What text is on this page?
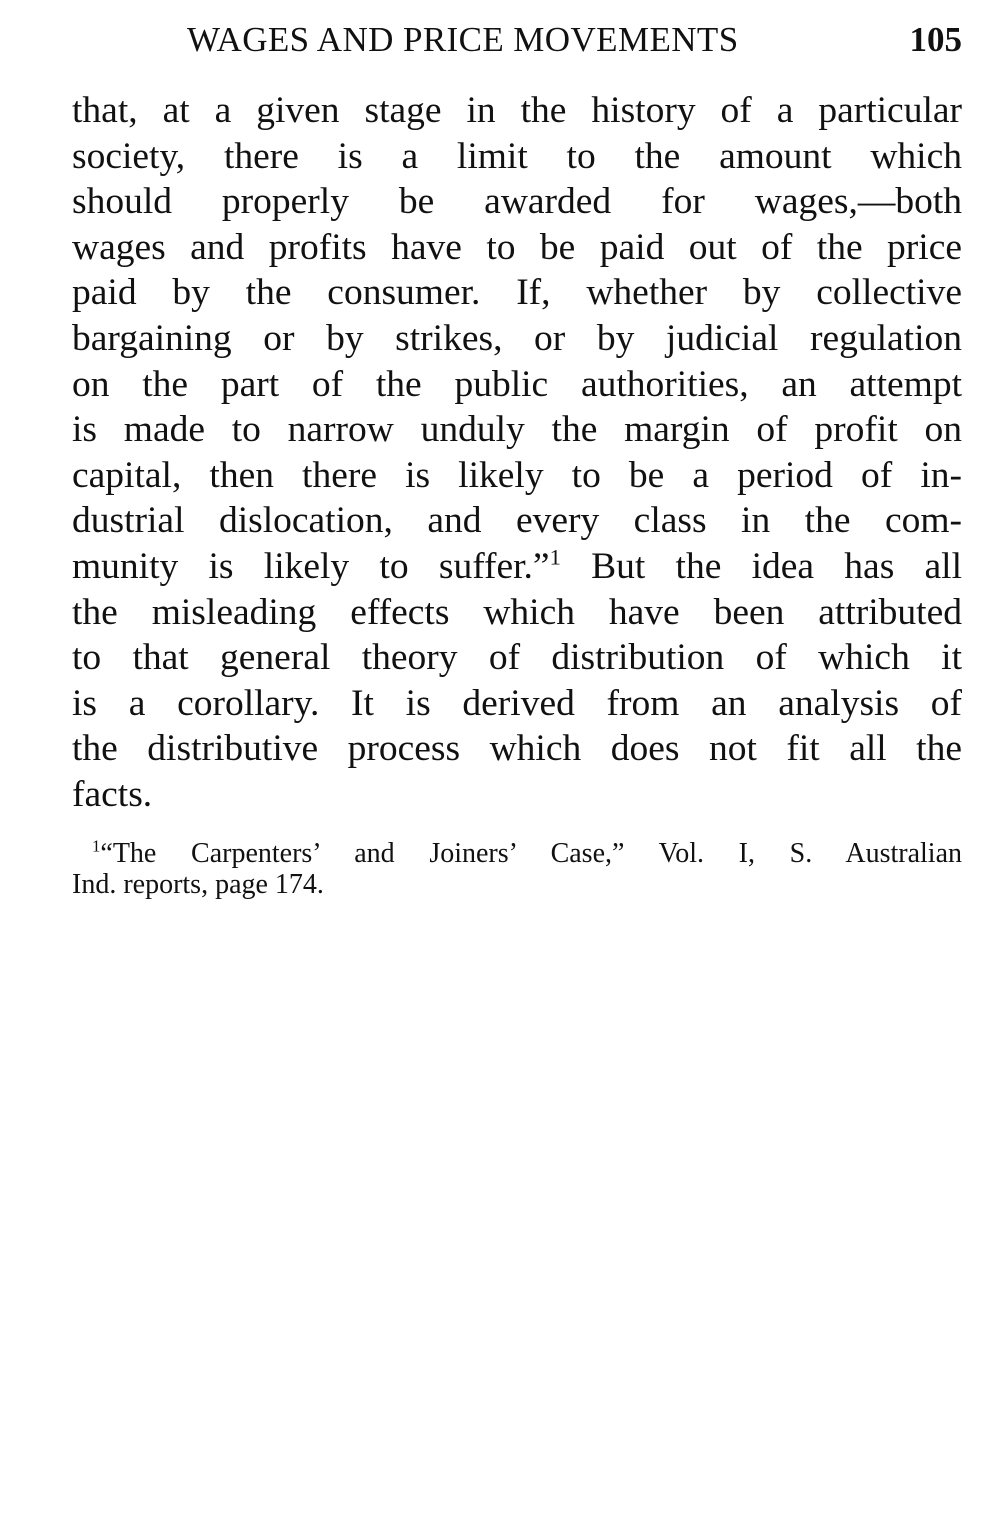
WAGES AND PRICE MOVEMENTS	105
that, at a given stage in the history of a particular
society, there is a limit to the amount which
should properly be awarded for wages,—both
wages and profits have to be paid out of the price
paid by the consumer. If, whether by collective
bargaining or by strikes, or by judicial regulation
on the part of the public authorities, an attempt
is made to narrow unduly the margin of profit on
capital, then there is likely to be a period of in-
dustrial dislocation, and every class in the com-
munity is likely to suffer.”$^1$ But the idea has all
the misleading effects which have been attributed
to that general theory of distribution of which it
is a corollary. It is derived from an analysis of
the distributive process which does not fit all the
facts.
$^1$“The Carpenters’ and Joiners’ Case,” Vol. I, S. Australian
Ind. reports, page 174.
